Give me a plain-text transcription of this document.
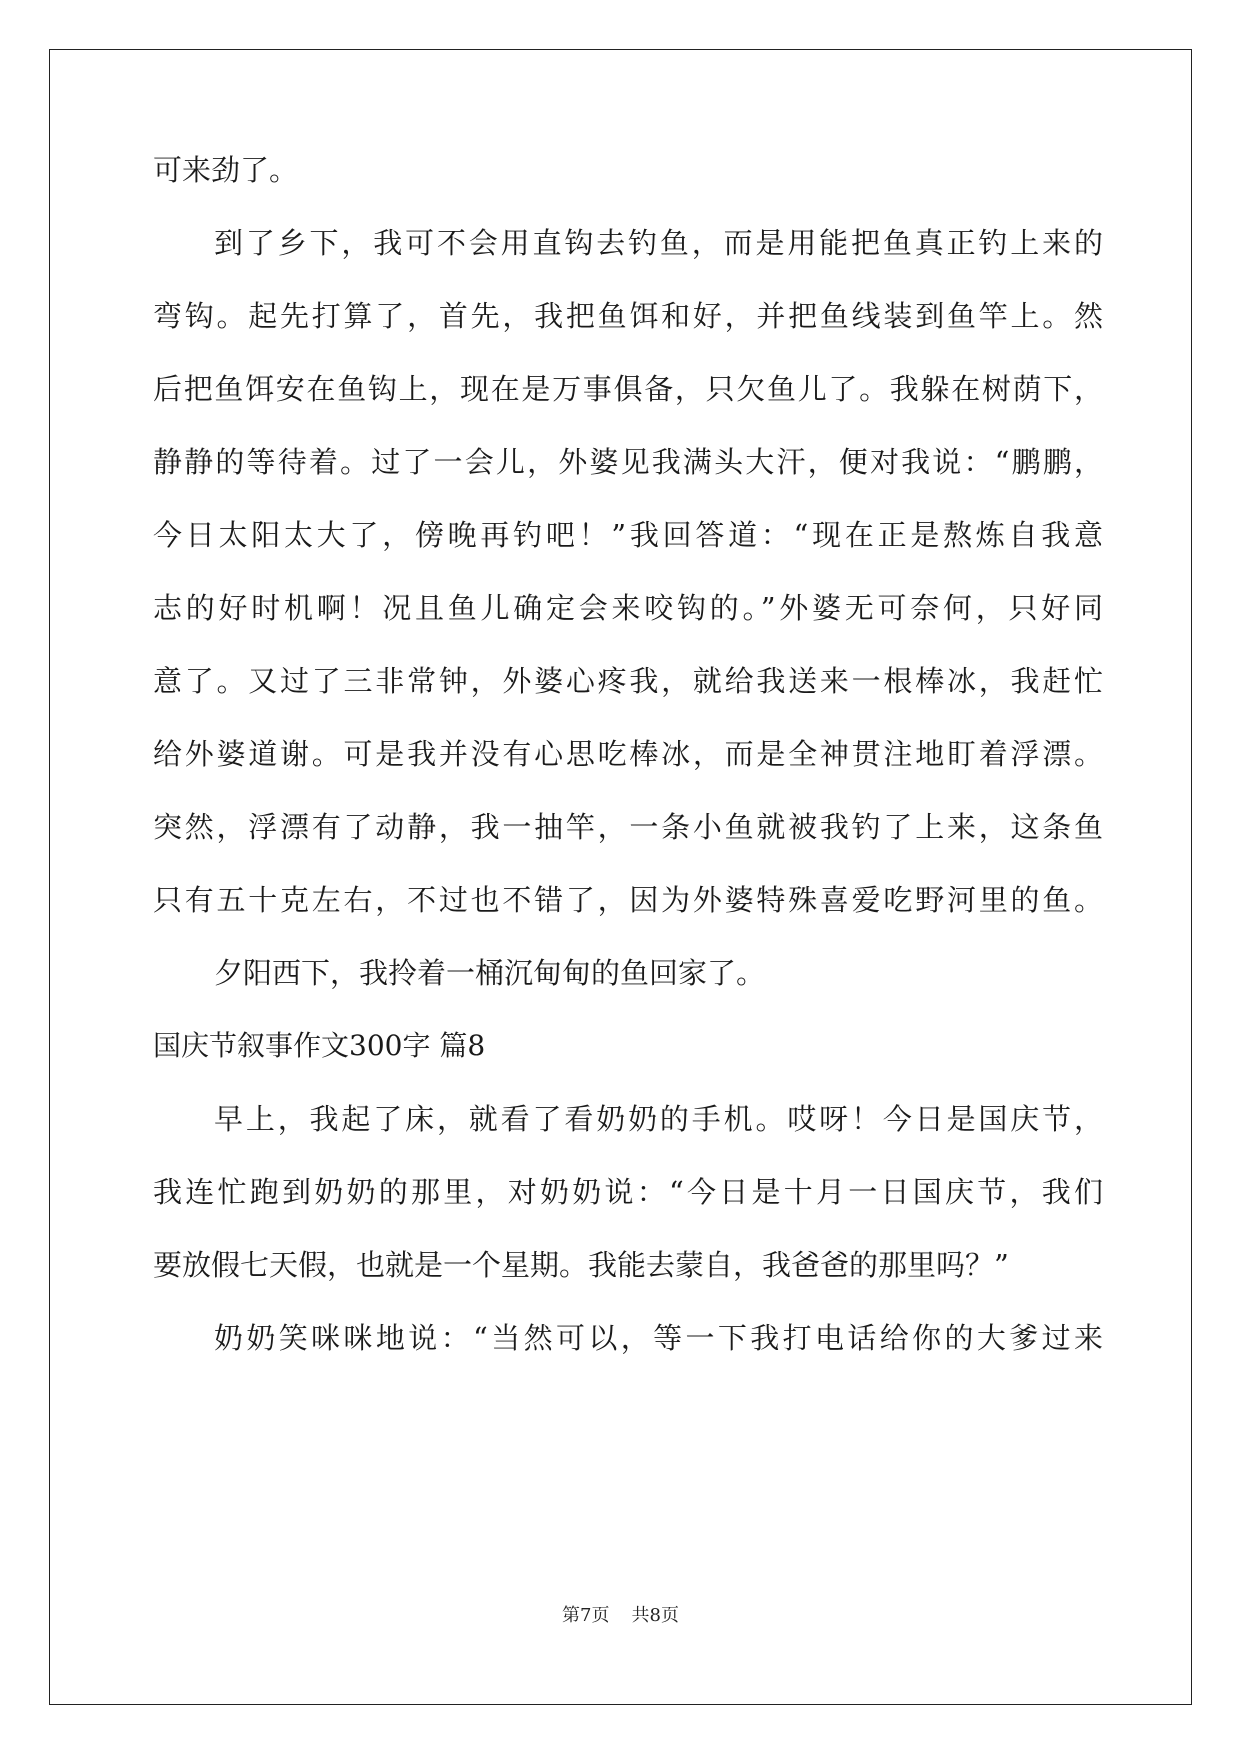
可来劲了。
到了乡下，我可不会用直钩去钓鱼，而是用能把鱼真正钓上来的
弯钩。起先打算了，首先，我把鱼饵和好，并把鱼线装到鱼竿上。然
后把鱼饵安在鱼钩上，现在是万事俱备，只欠鱼儿了。我躲在树荫下，
静静的等待着。过了一会儿，外婆见我满头大汗，便对我说：“鹏鹏，
今日太阳太大了，傍晚再钓吧！”我回答道：“现在正是熬炼自我意
志的好时机啊！况且鱼儿确定会来咬钩的。”外婆无可奈何，只好同
意了。又过了三非常钟，外婆心疼我，就给我送来一根棒冰，我赶忙
给外婆道谢。可是我并没有心思吃棒冰，而是全神贯注地盯着浮漂。
突然，浮漂有了动静，我一抽竿，一条小鱼就被我钓了上来，这条鱼
只有五十克左右，不过也不错了，因为外婆特殊喜爱吃野河里的鱼。
夕阳西下，我拎着一桶沉甸甸的鱼回家了。
国庆节叙事作文300字 篇8
早上，我起了床，就看了看奶奶的手机。哎呀！今日是国庆节，
我连忙跑到奶奶的那里，对奶奶说：“今日是十月一日国庆节，我们
要放假七天假，也就是一个星期。我能去蒙自，我爸爸的那里吗？”
奶奶笑咪咪地说：“当然可以，等一下我打电话给你的大爹过来
第7页 共8页
